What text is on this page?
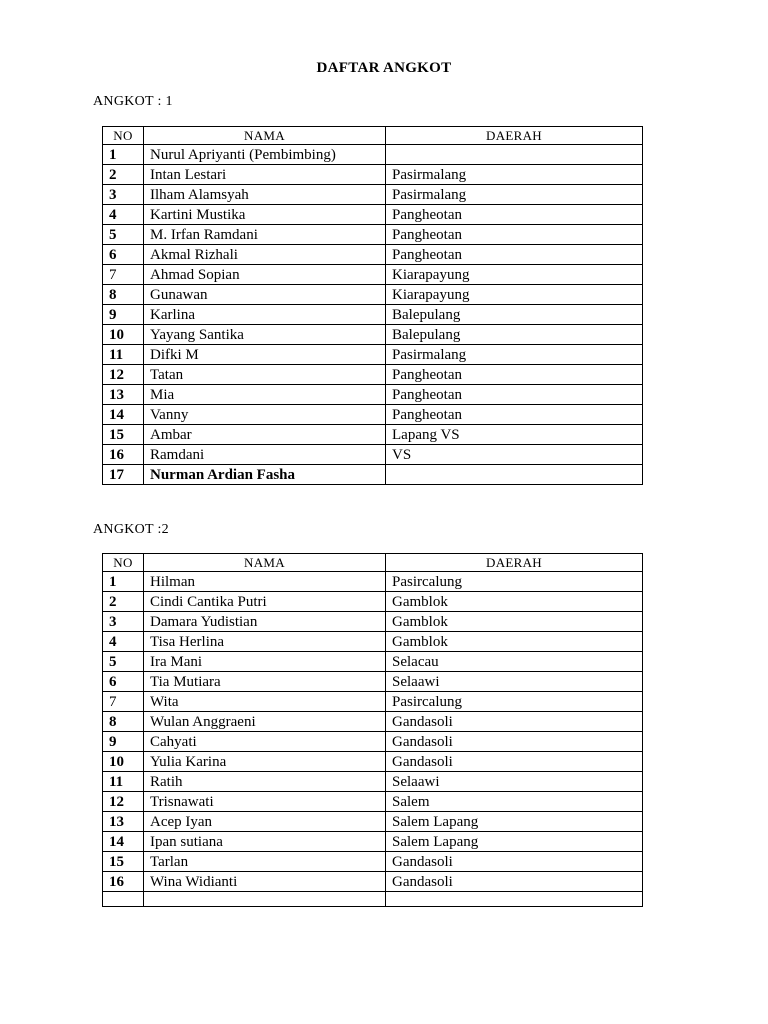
DAFTAR ANGKOT
ANGKOT : 1
NO	NAMA	DAERAH
1	Nurul Apriyanti (Pembimbing)	
2	Intan Lestari	Pasirmalang
3	Ilham Alamsyah	Pasirmalang
4	Kartini Mustika	Pangheotan
5	M. Irfan Ramdani	Pangheotan
6	Akmal Rizhali	Pangheotan
7	Ahmad Sopian	Kiarapayung
8	Gunawan	Kiarapayung
9	Karlina	Balepulang
10	Yayang Santika	Balepulang
11	Difki M	Pasirmalang
12	Tatan	Pangheotan
13	Mia	Pangheotan
14	Vanny	Pangheotan
15	Ambar	Lapang VS
16	Ramdani	VS
17	Nurman Ardian Fasha	
ANGKOT :2
NO	NAMA	DAERAH
1	Hilman	Pasircalung
2	Cindi Cantika Putri	Gamblok
3	Damara Yudistian	Gamblok
4	Tisa Herlina	Gamblok
5	Ira Mani	Selacau
6	Tia Mutiara	Selaawi
7	Wita	Pasircalung
8	Wulan Anggraeni	Gandasoli
9	Cahyati	Gandasoli
10	Yulia Karina	Gandasoli
11	Ratih	Selaawi
12	Trisnawati	Salem
13	Acep Iyan	Salem Lapang
14	Ipan sutiana	Salem Lapang
15	Tarlan	Gandasoli
16	Wina Widianti	Gandasoli
